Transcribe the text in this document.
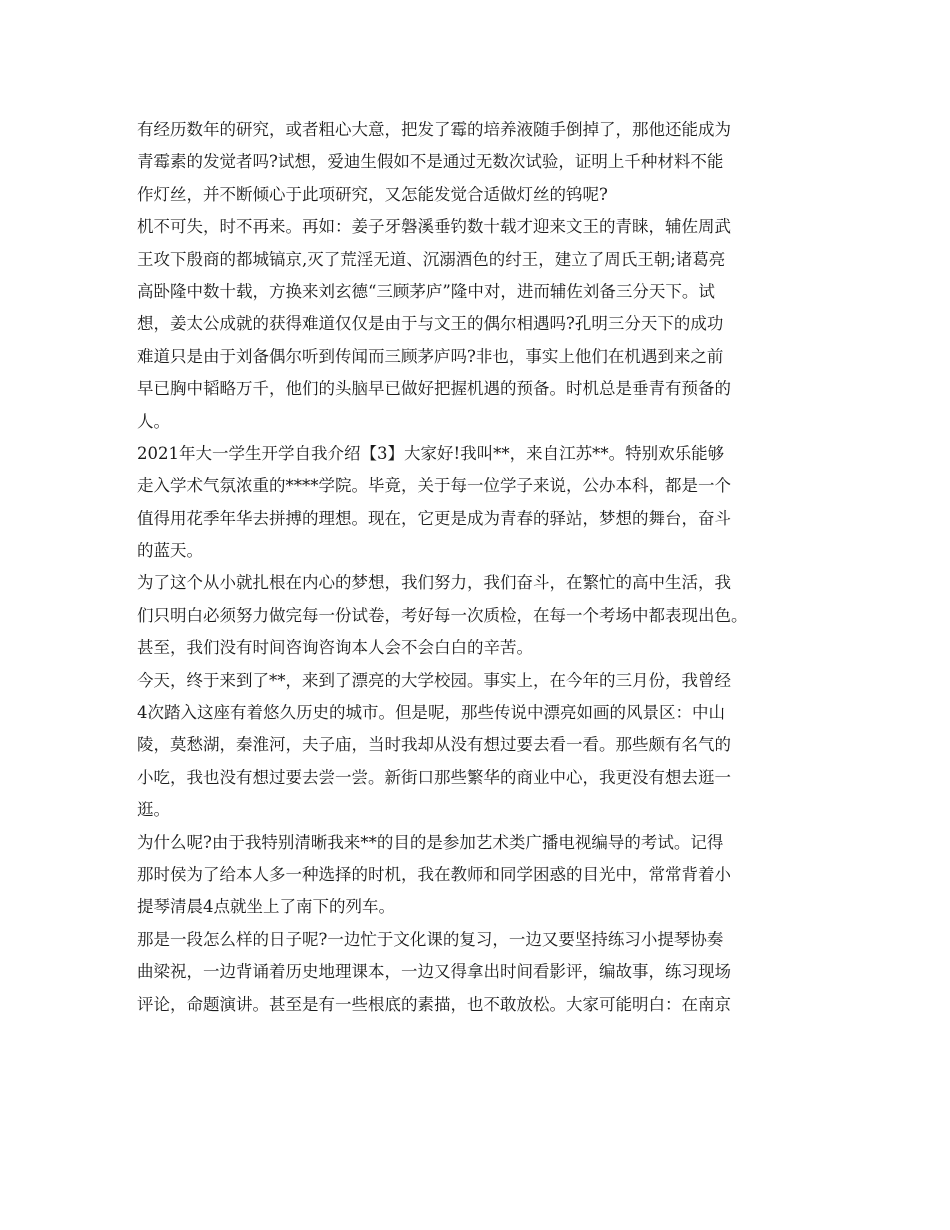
有经历数年的研究，或者粗心大意，把发了霉的培养液随手倒掉了，那他还能成为
青霉素的发觉者吗?试想，爱迪生假如不是通过无数次试验，证明上千种材料不能
作灯丝，并不断倾心于此项研究，又怎能发觉合适做灯丝的钨呢?
机不可失，时不再来。再如：姜子牙磐溪垂钓数十载才迎来文王的青睐，辅佐周武
王攻下殷商的都城镐京,灭了荒淫无道、沉溺酒色的纣王，建立了周氏王朝;诸葛亮
高卧隆中数十载，方换来刘玄德“三顾茅庐”隆中对，进而辅佐刘备三分天下。试
想，姜太公成就的获得难道仅仅是由于与文王的偶尔相遇吗?孔明三分天下的成功
难道只是由于刘备偶尔听到传闻而三顾茅庐吗?非也，事实上他们在机遇到来之前
早已胸中韬略万千，他们的头脑早已做好把握机遇的预备。时机总是垂青有预备的
人。
2021年大一学生开学自我介绍【3】大家好!我叫**，来自江苏**。特别欢乐能够
走入学术气氛浓重的****学院。毕竟，关于每一位学子来说，公办本科，都是一个
值得用花季年华去拼搏的理想。现在，它更是成为青春的驿站，梦想的舞台，奋斗
的蓝天。
为了这个从小就扎根在内心的梦想，我们努力，我们奋斗，在繁忙的高中生活，我
们只明白必须努力做完每一份试卷，考好每一次质检，在每一个考场中都表现出色。
甚至，我们没有时间咨询咨询本人会不会白白的辛苦。
今天，终于来到了**，来到了漂亮的大学校园。事实上，在今年的三月份，我曾经
4次踏入这座有着悠久历史的城市。但是呢，那些传说中漂亮如画的风景区：中山
陵，莫愁湖，秦淮河，夫子庙，当时我却从没有想过要去看一看。那些颇有名气的
小吃，我也没有想过要去尝一尝。新街口那些繁华的商业中心，我更没有想去逛一
逛。
为什么呢?由于我特别清晰我来**的目的是参加艺术类广播电视编导的考试。记得
那时侯为了给本人多一种选择的时机，我在教师和同学困惑的目光中，常常背着小
提琴清晨4点就坐上了南下的列车。
那是一段怎么样的日子呢?一边忙于文化课的复习，一边又要坚持练习小提琴协奏
曲梁祝，一边背诵着历史地理课本，一边又得拿出时间看影评，编故事，练习现场
评论，命题演讲。甚至是有一些根底的素描，也不敢放松。大家可能明白：在南京
